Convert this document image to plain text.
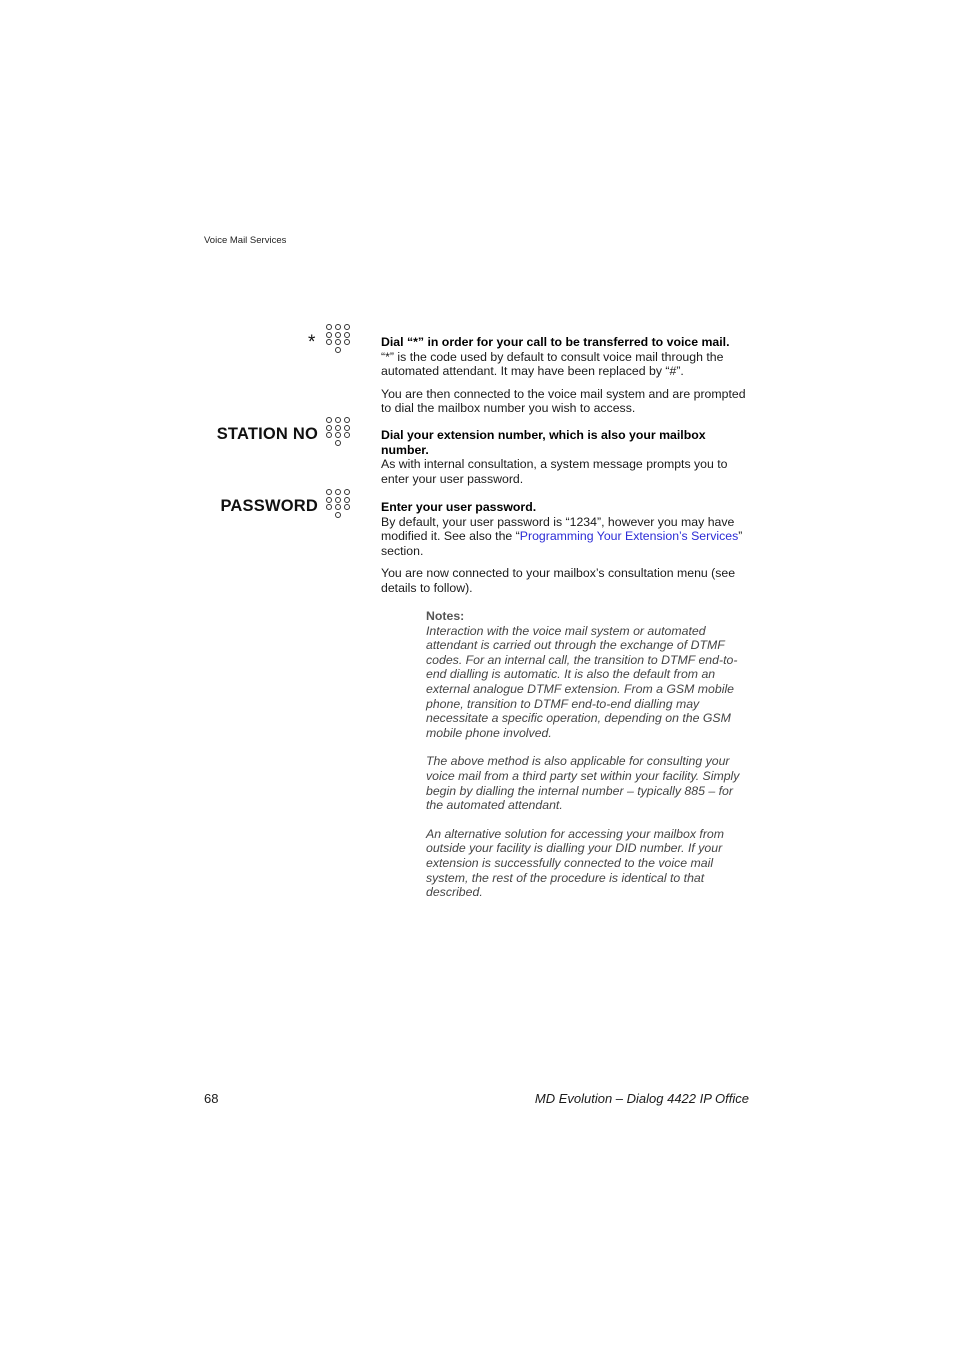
Voice Mail Services
*	Dial “*” in order for your call to be transferred to voice mail.

“*” is the code used by default to consult voice mail through the automated attendant. It may have been replaced by “#”.

You are then connected to the voice mail system and are prompted to dial the mailbox number you wish to access.

STATION NO	Dial your extension number, which is also your mailbox number.

As with internal consultation, a system message prompts you to enter your user password.

PASSWORD	Enter your user password.

By default, your user password is “1234”, however you may have modified it. See also the “Programming Your Extension’s Services” section.

You are now connected to your mailbox’s consultation menu (see details to follow).

Notes:

Interaction with the voice mail system or automated attendant is carried out through the exchange of DTMF codes. For an internal call, the transition to DTMF end-to-end dialling is automatic. It is also the default from an external analogue DTMF extension. From a GSM mobile phone, transition to DTMF end-to-end dialling may necessitate a specific operation, depending on the GSM mobile phone involved.

The above method is also applicable for consulting your voice mail from a third party set within your facility. Simply begin by dialling the internal number – typically 885 – for the automated attendant.

An alternative solution for accessing your mailbox from outside your facility is dialling your DID number. If your extension is successfully connected to the voice mail system, the rest of the procedure is identical to that described.

68	MD Evolution – Dialog 4422 IP Office
